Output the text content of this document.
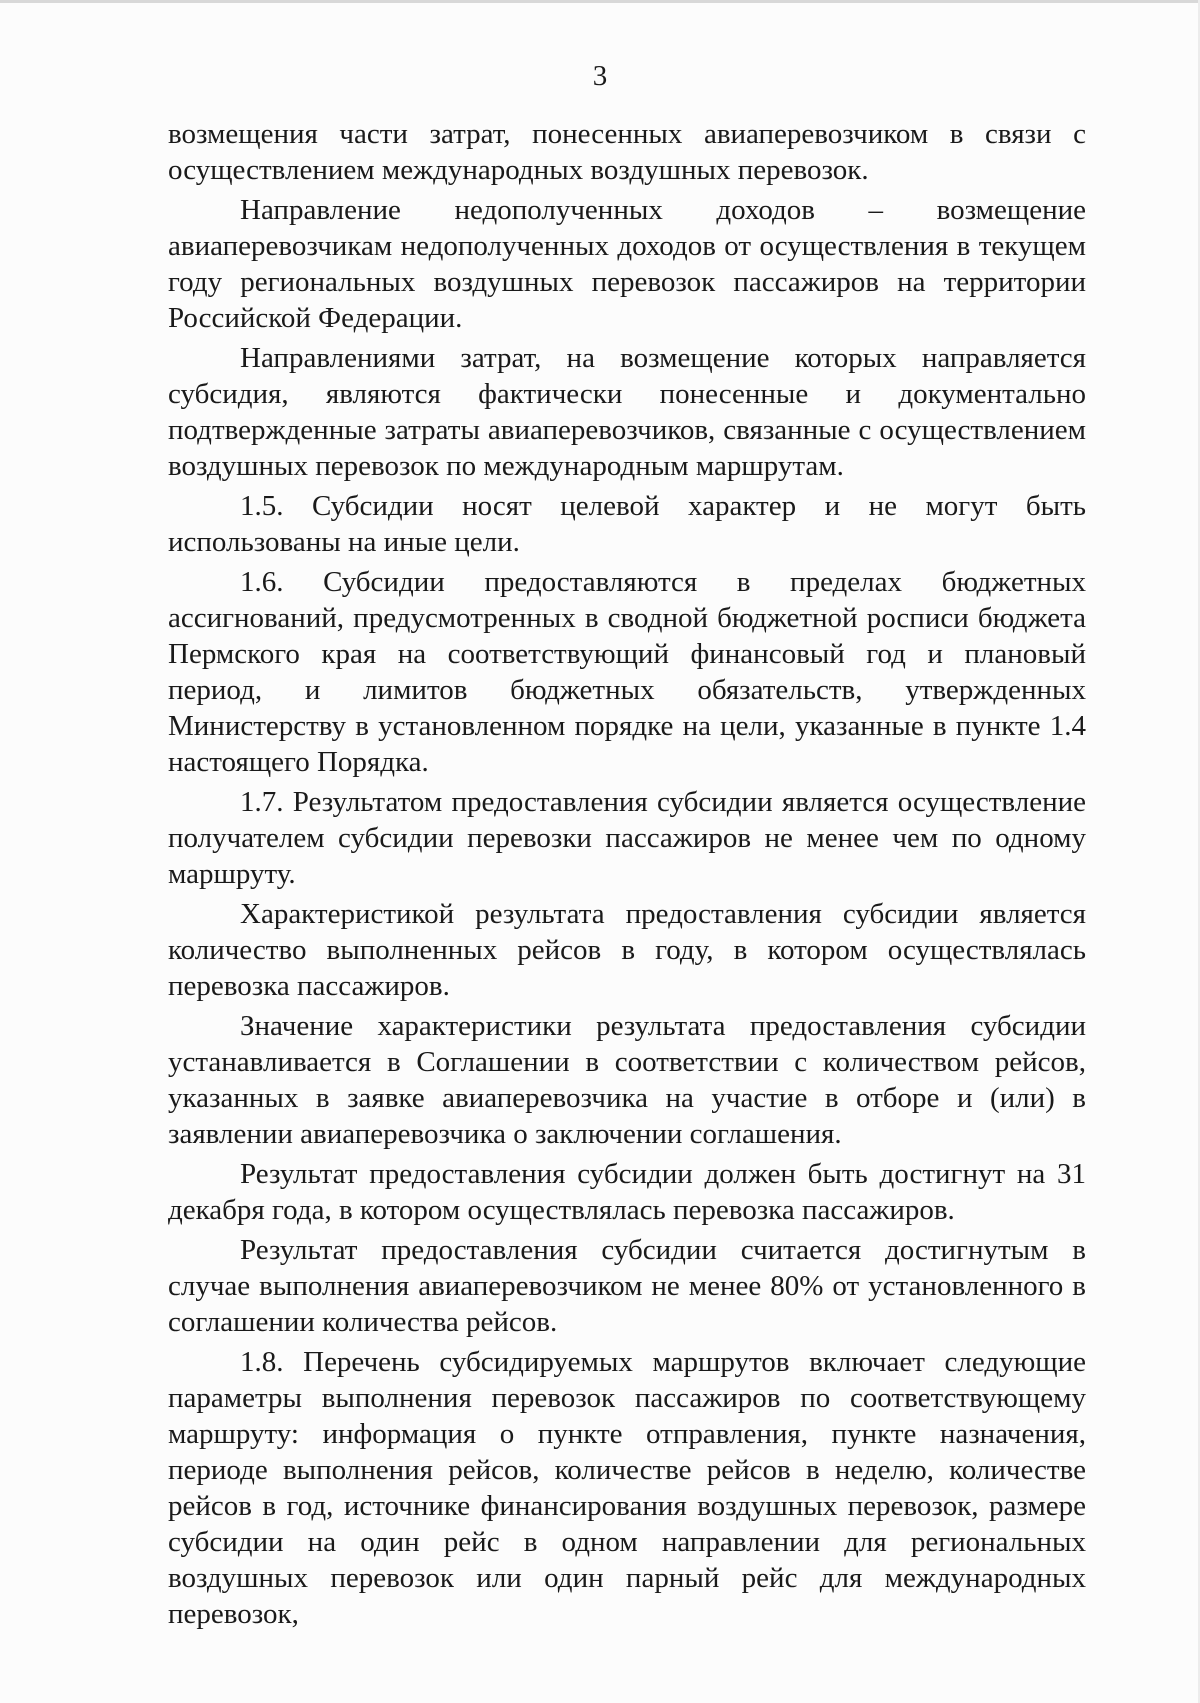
3

возмещения части затрат, понесенных авиаперевозчиком в связи с осуществлением международных воздушных перевозок.

Направление недополученных доходов – возмещение авиаперевозчикам недополученных доходов от осуществления в текущем году региональных воздушных перевозок пассажиров на территории Российской Федерации.

Направлениями затрат, на возмещение которых направляется субсидия, являются фактически понесенные и документально подтвержденные затраты авиаперевозчиков, связанные с осуществлением воздушных перевозок по международным маршрутам.

1.5. Субсидии носят целевой характер и не могут быть использованы на иные цели.

1.6. Субсидии предоставляются в пределах бюджетных ассигнований, предусмотренных в сводной бюджетной росписи бюджета Пермского края на соответствующий финансовый год и плановый период, и лимитов бюджетных обязательств, утвержденных Министерству в установленном порядке на цели, указанные в пункте 1.4 настоящего Порядка.

1.7. Результатом предоставления субсидии является осуществление получателем субсидии перевозки пассажиров не менее чем по одному маршруту.

Характеристикой результата предоставления субсидии является количество выполненных рейсов в году, в котором осуществлялась перевозка пассажиров.

Значение характеристики результата предоставления субсидии устанавливается в Соглашении в соответствии с количеством рейсов, указанных в заявке авиаперевозчика на участие в отборе и (или) в заявлении авиаперевозчика о заключении соглашения.

Результат предоставления субсидии должен быть достигнут на 31 декабря года, в котором осуществлялась перевозка пассажиров.

Результат предоставления субсидии считается достигнутым в случае выполнения авиаперевозчиком не менее 80% от установленного в соглашении количества рейсов.

1.8. Перечень субсидируемых маршрутов включает следующие параметры выполнения перевозок пассажиров по соответствующему маршруту: информация о пункте отправления, пункте назначения, периоде выполнения рейсов, количестве рейсов в неделю, количестве рейсов в год, источнике финансирования воздушных перевозок, размере субсидии на один рейс в одном направлении для региональных воздушных перевозок или один парный рейс для международных перевозок,
